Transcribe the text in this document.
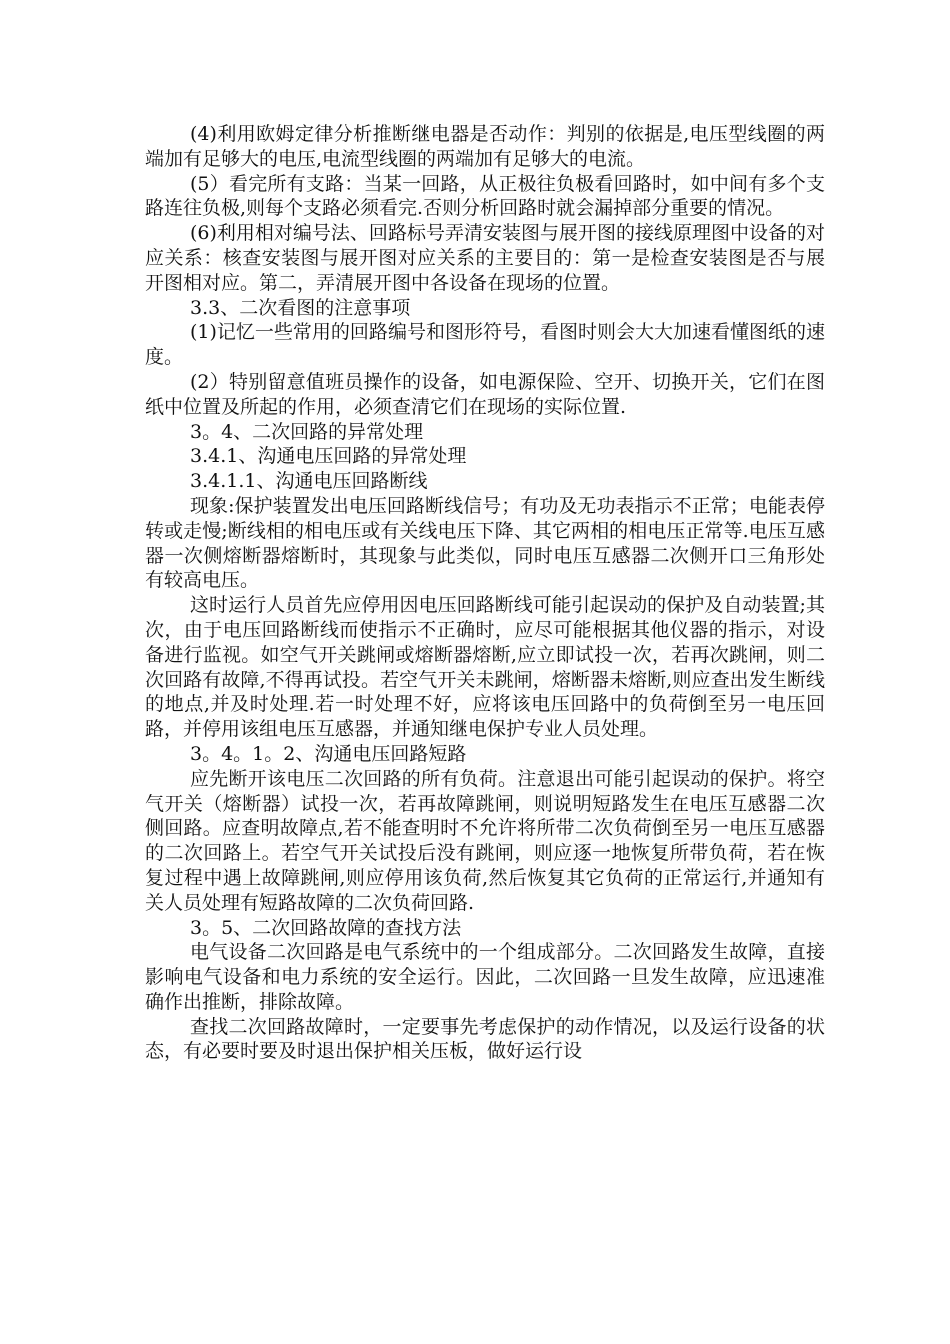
(4)利用欧姆定律分析推断继电器是否动作：判别的依据是,电压型线圈的两端加有足够大的电压,电流型线圈的两端加有足够大的电流。

(5）看完所有支路：当某一回路，从正极往负极看回路时，如中间有多个支路连往负极,则每个支路必须看完.否则分析回路时就会漏掉部分重要的情况。

(6)利用相对编号法、回路标号弄清安装图与展开图的接线原理图中设备的对应关系：核查安装图与展开图对应关系的主要目的：第一是检查安装图是否与展开图相对应。第二，弄清展开图中各设备在现场的位置。

3.3、二次看图的注意事项

(1)记忆一些常用的回路编号和图形符号，看图时则会大大加速看懂图纸的速度。

(2）特别留意值班员操作的设备，如电源保险、空开、切换开关，它们在图纸中位置及所起的作用，必须查清它们在现场的实际位置.

3。4、二次回路的异常处理

3.4.1、沟通电压回路的异常处理

3.4.1.1、沟通电压回路断线

现象:保护装置发出电压回路断线信号；有功及无功表指示不正常；电能表停转或走慢;断线相的相电压或有关线电压下降、其它两相的相电压正常等.电压互感器一次侧熔断器熔断时，其现象与此类似，同时电压互感器二次侧开口三角形处有较高电压。

这时运行人员首先应停用因电压回路断线可能引起误动的保护及自动装置;其次，由于电压回路断线而使指示不正确时，应尽可能根据其他仪器的指示，对设备进行监视。如空气开关跳闸或熔断器熔断,应立即试投一次，若再次跳闸，则二次回路有故障,不得再试投。若空气开关未跳闸，熔断器未熔断,则应查出发生断线的地点,并及时处理.若一时处理不好，应将该电压回路中的负荷倒至另一电压回路，并停用该组电压互感器，并通知继电保护专业人员处理。

3。4。1。2、沟通电压回路短路

应先断开该电压二次回路的所有负荷。注意退出可能引起误动的保护。将空气开关（熔断器）试投一次，若再故障跳闸，则说明短路发生在电压互感器二次侧回路。应查明故障点,若不能查明时不允许将所带二次负荷倒至另一电压互感器的二次回路上。若空气开关试投后没有跳闸，则应逐一地恢复所带负荷，若在恢复过程中遇上故障跳闸,则应停用该负荷,然后恢复其它负荷的正常运行,并通知有关人员处理有短路故障的二次负荷回路.

3。5、二次回路故障的查找方法

电气设备二次回路是电气系统中的一个组成部分。二次回路发生故障，直接影响电气设备和电力系统的安全运行。因此，二次回路一旦发生故障，应迅速准确作出推断，排除故障。

查找二次回路故障时，一定要事先考虑保护的动作情况，以及运行设备的状态，有必要时要及时退出保护相关压板，做好运行设
